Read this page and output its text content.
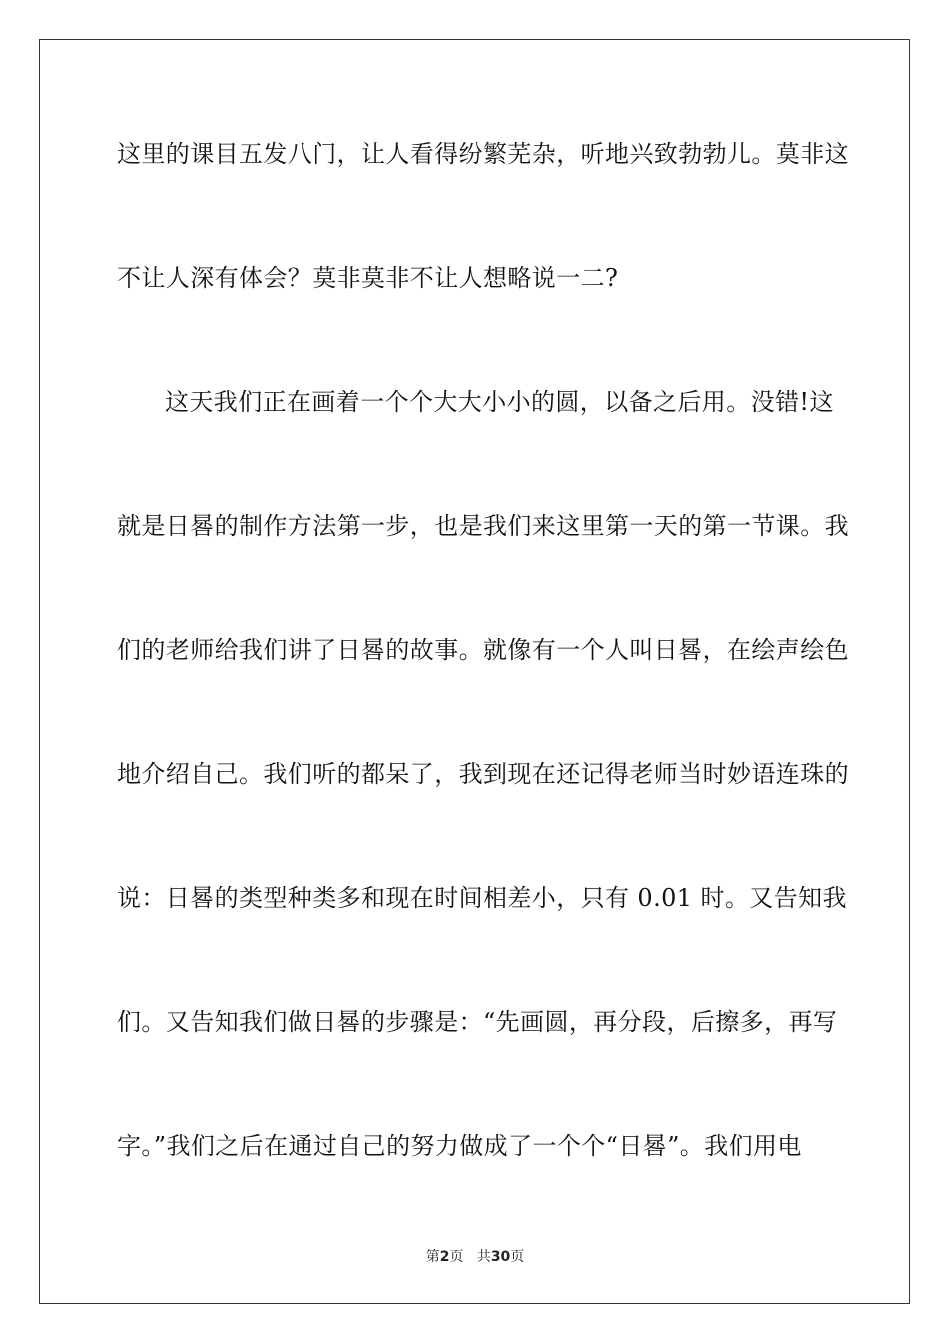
这里的课目五发八门，让人看得纷繁芜杂，听地兴致勃勃儿。莫非这
不让人深有体会？莫非莫非不让人想略说一二?
这天我们正在画着一个个大大小小的圆，以备之后用。没错!这
就是日晷的制作方法第一步，也是我们来这里第一天的第一节课。我
们的老师给我们讲了日晷的故事。就像有一个人叫日晷，在绘声绘色
地介绍自己。我们听的都呆了，我到现在还记得老师当时妙语连珠的
说：日晷的类型种类多和现在时间相差小，只有 0.01 时。又告知我
们。又告知我们做日晷的步骤是：“先画圆，再分段，后擦多，再写
字。”我们之后在通过自己的努力做成了一个个“日晷”。我们用电
第2页 共30页
